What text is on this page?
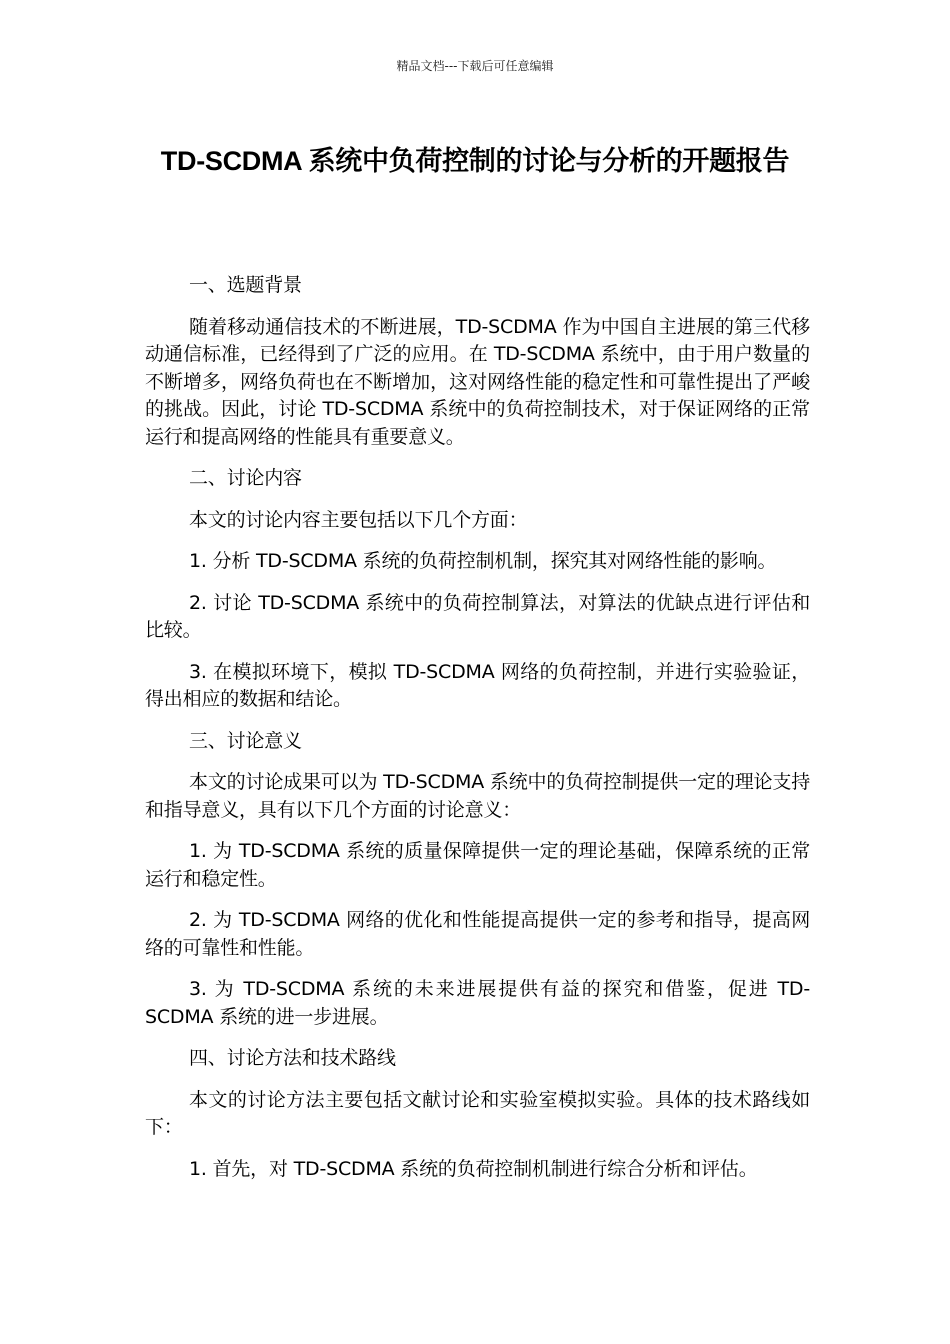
精品文档---下载后可任意编辑
TD-SCDMA 系统中负荷控制的讨论与分析的开题报告

一、选题背景

随着移动通信技术的不断进展，TD-SCDMA 作为中国自主进展的第三代移动通信标准，已经得到了广泛的应用。在 TD-SCDMA 系统中，由于用户数量的不断增多，网络负荷也在不断增加，这对网络性能的稳定性和可靠性提出了严峻的挑战。因此，讨论 TD-SCDMA 系统中的负荷控制技术，对于保证网络的正常运行和提高网络的性能具有重要意义。

二、讨论内容

本文的讨论内容主要包括以下几个方面：

1. 分析 TD-SCDMA 系统的负荷控制机制，探究其对网络性能的影响。

2. 讨论 TD-SCDMA 系统中的负荷控制算法，对算法的优缺点进行评估和比较。

3. 在模拟环境下，模拟 TD-SCDMA 网络的负荷控制，并进行实验验证，得出相应的数据和结论。

三、讨论意义

本文的讨论成果可以为 TD-SCDMA 系统中的负荷控制提供一定的理论支持和指导意义，具有以下几个方面的讨论意义：

1. 为 TD-SCDMA 系统的质量保障提供一定的理论基础，保障系统的正常运行和稳定性。

2. 为 TD-SCDMA 网络的优化和性能提高提供一定的参考和指导，提高网络的可靠性和性能。

3. 为 TD-SCDMA 系统的未来进展提供有益的探究和借鉴，促进 TD-SCDMA 系统的进一步进展。

四、讨论方法和技术路线

本文的讨论方法主要包括文献讨论和实验室模拟实验。具体的技术路线如下：

1. 首先，对 TD-SCDMA 系统的负荷控制机制进行综合分析和评估。
